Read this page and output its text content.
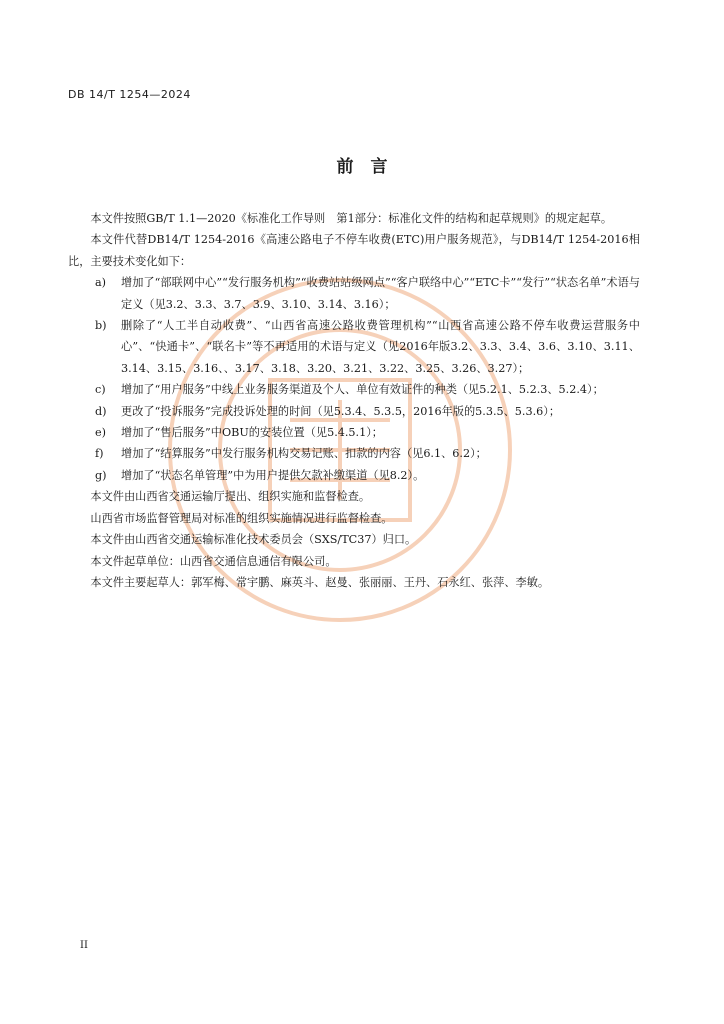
DB 14/T 1254—2024
前　言

本文件按照GB/T 1.1—2020《标准化工作导则　第1部分：标准化文件的结构和起草规则》的规定起草。

本文件代替DB14/T 1254-2016《高速公路电子不停车收费(ETC)用户服务规范》，与DB14/T 1254-2016相比，主要技术变化如下：

a)	增加了“部联网中心”“发行服务机构”“收费站站级网点”“客户联络中心”“ETC卡”“发行”“状态名单”术语与定义（见3.2、3.3、3.7、3.9、3.10、3.14、3.16）；
b)	删除了“人工半自动收费”、“山西省高速公路收费管理机构”“山西省高速公路不停车收费运营服务中心”、“快通卡”、“联名卡”等不再适用的术语与定义（见2016年版3.2、3.3、3.4、3.6、3.10、3.11、3.14、3.15、3.16、、3.17、3.18、3.20、3.21、3.22、3.25、3.26、3.27）；
c)	增加了“用户服务”中线上业务服务渠道及个人、单位有效证件的种类（见5.2.1、5.2.3、5.2.4）；
d)	更改了“投诉服务”完成投诉处理的时间（见5.3.4、5.3.5，2016年版的5.3.5、5.3.6）；
e)	增加了“售后服务”中OBU的安装位置（见5.4.5.1）；
f)	增加了“结算服务”中发行服务机构交易记账、扣款的内容（见6.1、6.2）；
g)	增加了“状态名单管理”中为用户提供欠款补缴渠道（见8.2）。

本文件由山西省交通运输厅提出、组织实施和监督检查。

山西省市场监督管理局对标准的组织实施情况进行监督检查。

本文件由山西省交通运输标准化技术委员会（SXS/TC37）归口。

本文件起草单位：山西省交通信息通信有限公司。

本文件主要起草人：郭军梅、常宇鹏、麻英斗、赵曼、张丽丽、王丹、石永红、张萍、李敏。

II
